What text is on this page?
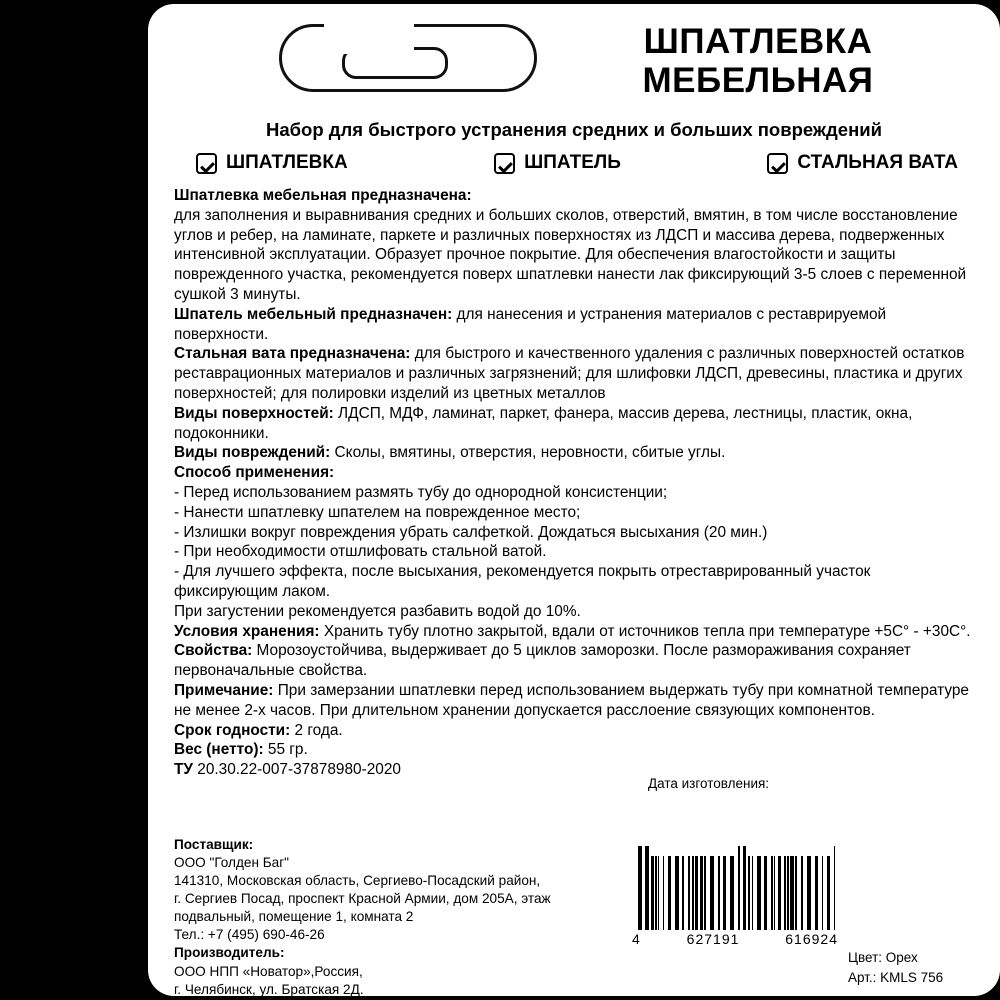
ШПАТЛЕВКА
МЕБЕЛЬНАЯ
Набор для быстрого устранения средних и больших повреждений
ШПАТЛЕВКА	ШПАТЕЛЬ	СТАЛЬНАЯ ВАТА

Шпатлевка мебельная предназначена:
для заполнения и выравнивания средних и больших сколов, отверстий, вмятин, в том числе восстановление углов и ребер, на ламинате, паркете и различных поверхностях из ЛДСП и массива дерева, подверженных интенсивной эксплуатации. Образует прочное покрытие. Для обеспечения влагостойкости и защиты поврежденного участка, рекомендуется поверх шпатлевки нанести лак фиксирующий 3-5 слоев с переменной сушкой 3 минуты.

Шпатель мебельный предназначен: для нанесения и устранения материалов с реставрируемой поверхности.

Стальная вата предназначена: для быстрого и качественного удаления с различных поверхностей остатков реставрационных материалов и различных загрязнений; для шлифовки ЛДСП, древесины, пластика и других поверхностей; для полировки изделий из цветных металлов

Виды поверхностей: ЛДСП, МДФ, ламинат, паркет, фанера, массив дерева, лестницы, пластик, окна, подоконники.

Виды повреждений: Сколы, вмятины, отверстия, неровности, сбитые углы.

Способ применения:

- Перед использованием размять тубу до однородной консистенции;

- Нанести шпатлевку шпателем на поврежденное место;

- Излишки вокруг повреждения убрать салфеткой. Дождаться высыхания (20 мин.)

- При необходимости отшлифовать стальной ватой.

- Для лучшего эффекта, после высыхания, рекомендуется покрыть отреставрированный участок фиксирующим лаком.

При загустении рекомендуется разбавить водой до 10%.

Условия хранения: Хранить тубу плотно закрытой, вдали от источников тепла при температуре +5С° - +30С°.

Свойства: Морозоустойчива, выдерживает до 5 циклов заморозки. После размораживания сохраняет первоначальные свойства.

Примечание: При замерзании шпатлевки перед использованием выдержать тубу при комнатной температуре не менее 2-х часов. При длительном хранении допускается расслоение связующих компонентов.

Срок годности: 2 года.

Вес (нетто): 55 гр.

ТУ 20.30.22-007-37878980-2020

Дата изготовления:
Поставщик:
ООО "Голден Баг"
141310, Московская область, Сергиево-Посадский район,
г. Сергиев Посад, проспект Красной Армии, дом 205А, этаж
подвальный, помещение 1, комната 2
Тел.: +7 (495) 690-46-26
Производитель:
ООО НПП «Новатор»,Россия,
г. Челябинск, ул. Братская 2Д.
4	627191	616924
Цвет: Орех
Арт.: KMLS 756
